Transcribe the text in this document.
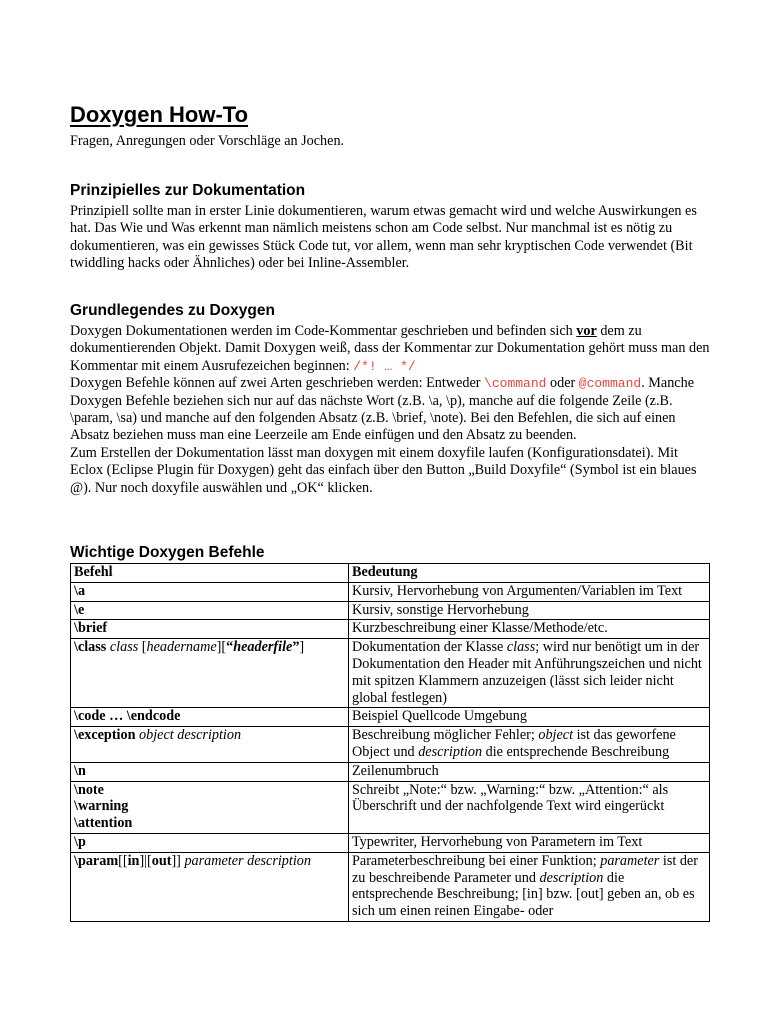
Doxygen How-To

Fragen, Anregungen oder Vorschläge an Jochen.

Prinzipielles zur Dokumentation

Prinzipiell sollte man in erster Linie dokumentieren, warum etwas gemacht wird und welche Auswirkungen es hat. Das Wie und Was erkennt man nämlich meistens schon am Code selbst. Nur manchmal ist es nötig zu dokumentieren, was ein gewisses Stück Code tut, vor allem, wenn man sehr kryptischen Code verwendet (Bit twiddling hacks oder Ähnliches) oder bei Inline-Assembler.

Grundlegendes zu Doxygen

Doxygen Dokumentationen werden im Code-Kommentar geschrieben und befinden sich vor dem zu dokumentierenden Objekt. Damit Doxygen weiß, dass der Kommentar zur Dokumentation gehört muss man den Kommentar mit einem Ausrufezeichen beginnen: /*! … */

Doxygen Befehle können auf zwei Arten geschrieben werden: Entweder \command oder @command. Manche Doxygen Befehle beziehen sich nur auf das nächste Wort (z.B. \a, \p), manche auf die folgende Zeile (z.B. \param, \sa) und manche auf den folgenden Absatz (z.B. \brief, \note). Bei den Befehlen, die sich auf einen Absatz beziehen muss man eine Leerzeile am Ende einfügen und den Absatz zu beenden.

Zum Erstellen der Dokumentation lässt man doxygen mit einem doxyfile laufen (Konfigurationsdatei). Mit Eclox (Eclipse Plugin für Doxygen) geht das einfach über den Button „Build Doxyfile“ (Symbol ist ein blaues @). Nur noch doxyfile auswählen und „OK“ klicken.

Wichtige Doxygen Befehle
Befehl	Bedeutung
\a	Kursiv, Hervorhebung von Argumenten/Variablen im Text
\e	Kursiv, sonstige Hervorhebung
\brief	Kurzbeschreibung einer Klasse/Methode/etc.
\class class [headername][“headerfile”]	Dokumentation der Klasse class; wird nur benötigt um in der Dokumentation den Header mit Anführungszeichen und nicht mit spitzen Klammern anzuzeigen (lässt sich leider nicht global festlegen)
\code … \endcode	Beispiel Quellcode Umgebung
\exception object description	Beschreibung möglicher Fehler; object ist das geworfene Object und description die entsprechende Beschreibung
\n	Zeilenumbruch

\note
\warning
\attention	Schreibt „Note:“ bzw. „Warning:“ bzw. „Attention:“ als Überschrift und der nachfolgende Text wird eingerückt
\p	Typewriter, Hervorhebung von Parametern im Text
\param[[in]|[out]] parameter description	Parameterbeschreibung bei einer Funktion; parameter ist der zu beschreibende Parameter und description die entsprechende Beschreibung; [in] bzw. [out] geben an, ob es sich um einen reinen Eingabe- oder
